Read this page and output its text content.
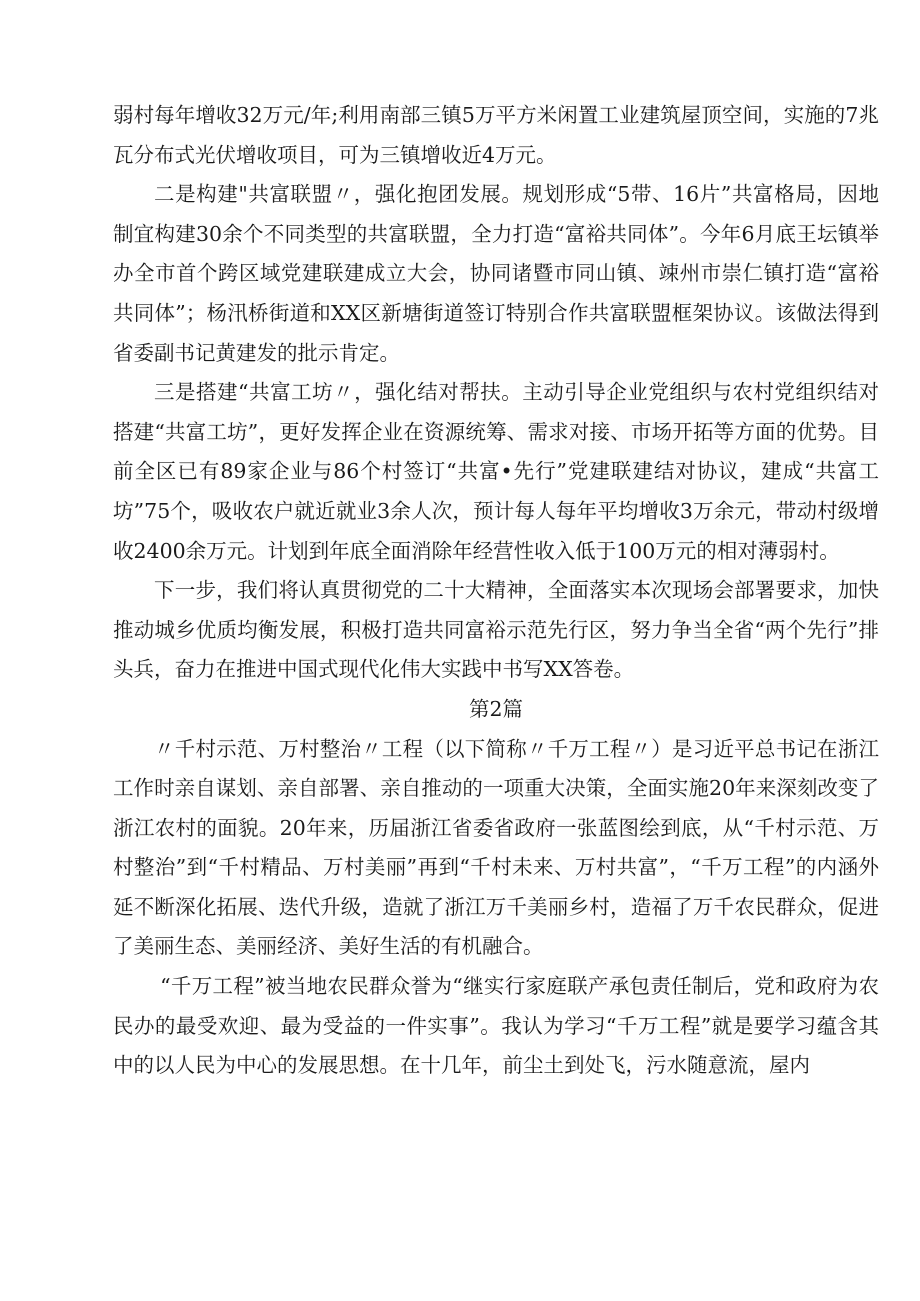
弱村每年增收32万元/年;利用南部三镇5万平方米闲置工业建筑屋顶空间，实施的7兆瓦分布式光伏增收项目，可为三镇增收近4万元。

二是构建"共富联盟〃，强化抱团发展。规划形成“5带、16片”共富格局，因地制宜构建30余个不同类型的共富联盟，全力打造“富裕共同体”。今年6月底王坛镇举办全市首个跨区域党建联建成立大会，协同诸暨市同山镇、竦州市崇仁镇打造“富裕共同体”；杨汛桥街道和XX区新塘街道签订特别合作共富联盟框架协议。该做法得到省委副书记黄建发的批示肯定。

三是搭建“共富工坊〃，强化结对帮扶。主动引导企业党组织与农村党组织结对搭建“共富工坊”，更好发挥企业在资源统筹、需求对接、市场开拓等方面的优势。目前全区已有89家企业与86个村签订“共富•先行”党建联建结对协议，建成“共富工坊”75个，吸收农户就近就业3余人次，预计每人每年平均增收3万余元，带动村级增收2400余万元。计划到年底全面消除年经营性收入低于100万元的相对薄弱村。

下一步，我们将认真贯彻党的二十大精神，全面落实本次现场会部署要求，加快推动城乡优质均衡发展，积极打造共同富裕示范先行区，努力争当全省“两个先行”排头兵，奋力在推进中国式现代化伟大实践中书写XX答卷。

第2篇

〃千村示范、万村整治〃工程（以下简称〃千万工程〃）是习近平总书记在浙江工作时亲自谋划、亲自部署、亲自推动的一项重大决策，全面实施20年来深刻改变了浙江农村的面貌。20年来，历届浙江省委省政府一张蓝图绘到底，从“千村示范、万村整治”到“千村精品、万村美丽”再到“千村未来、万村共富”，“千万工程”的内涵外延不断深化拓展、迭代升级，造就了浙江万千美丽乡村，造福了万千农民群众，促进了美丽生态、美丽经济、美好生活的有机融合。

“千万工程”被当地农民群众誉为“继实行家庭联产承包责任制后，党和政府为农民办的最受欢迎、最为受益的一件实事”。我认为学习“千万工程”就是要学习蕴含其中的以人民为中心的发展思想。在十几年，前尘土到处飞，污水随意流，屋内
